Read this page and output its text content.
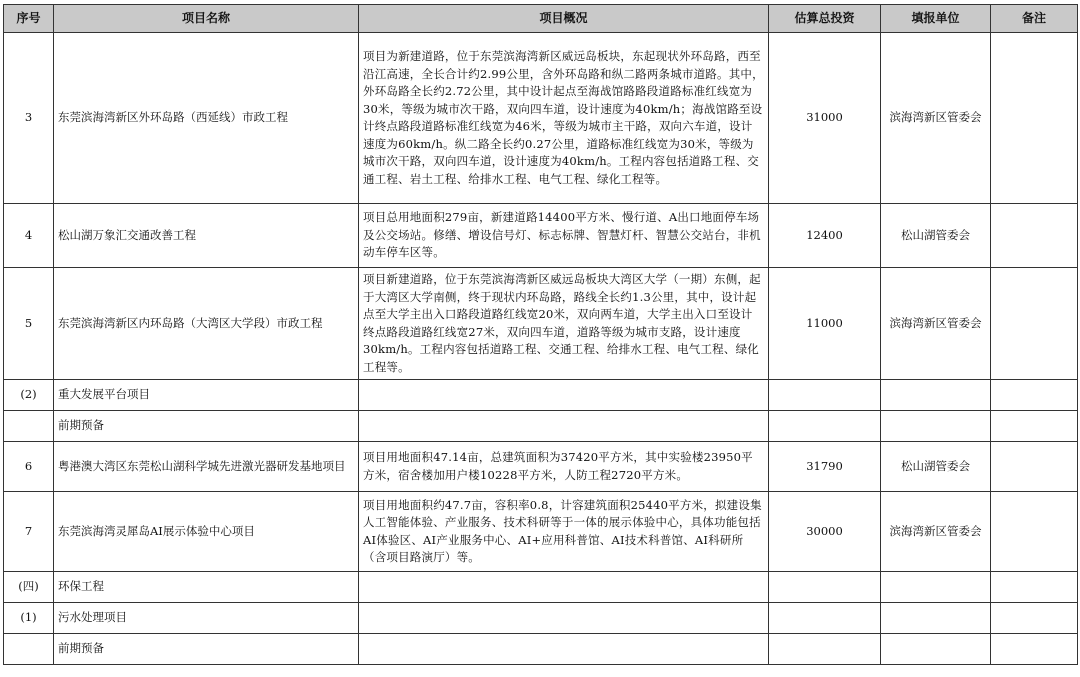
序号	项目名称	项目概况	估算总投资	填报单位	备注
3	东莞滨海湾新区外环岛路（西延线）市政工程	项目为新建道路，位于东莞滨海湾新区威远岛板块，东起现状外环岛路，西至沿江高速，全长合计约2.99公里，含外环岛路和纵二路两条城市道路。其中，外环岛路全长约2.72公里，其中设计起点至海战馆路路段道路标准红线宽为30米，等级为城市次干路，双向四车道，设计速度为40km/h；海战馆路至设计终点路段道路标准红线宽为46米，等级为城市主干路，双向六车道，设计速度为60km/h。纵二路全长约0.27公里，道路标准红线宽为30米，等级为城市次干路，双向四车道，设计速度为40km/h。工程内容包括道路工程、交通工程、岩土工程、给排水工程、电气工程、绿化工程等。	31000	滨海湾新区管委会	
4	松山湖万象汇交通改善工程	项目总用地面积279亩，新建道路14400平方米、慢行道、A出口地面停车场及公交场站。修缮、增设信号灯、标志标牌、智慧灯杆、智慧公交站台，非机动车停车区等。	12400	松山湖管委会	
5	东莞滨海湾新区内环岛路（大湾区大学段）市政工程	项目新建道路，位于东莞滨海湾新区威远岛板块大湾区大学（一期）东侧，起于大湾区大学南侧，终于现状内环岛路，路线全长约1.3公里，其中，设计起点至大学主出入口路段道路红线宽20米，双向两车道，大学主出入口至设计终点路段道路红线宽27米，双向四车道，道路等级为城市支路，设计速度30km/h。工程内容包括道路工程、交通工程、给排水工程、电气工程、绿化工程等。	11000	滨海湾新区管委会	
(2)	重大发展平台项目				
	前期预备				
6	粤港澳大湾区东莞松山湖科学城先进激光器研发基地项目	项目用地面积47.14亩，总建筑面积为37420平方米，其中实验楼23950平方米，宿舍楼加用户楼10228平方米，人防工程2720平方米。	31790	松山湖管委会	
7	东莞滨海湾灵犀岛AI展示体验中心项目	项目用地面积约47.7亩，容积率0.8，计容建筑面积25440平方米，拟建设集人工智能体验、产业服务、技术科研等于一体的展示体验中心，具体功能包括AI体验区、AI产业服务中心、AI+应用科普馆、AI技术科普馆、AI科研所（含项目路演厅）等。	30000	滨海湾新区管委会	
(四)	环保工程				
(1)	污水处理项目				
	前期预备				
